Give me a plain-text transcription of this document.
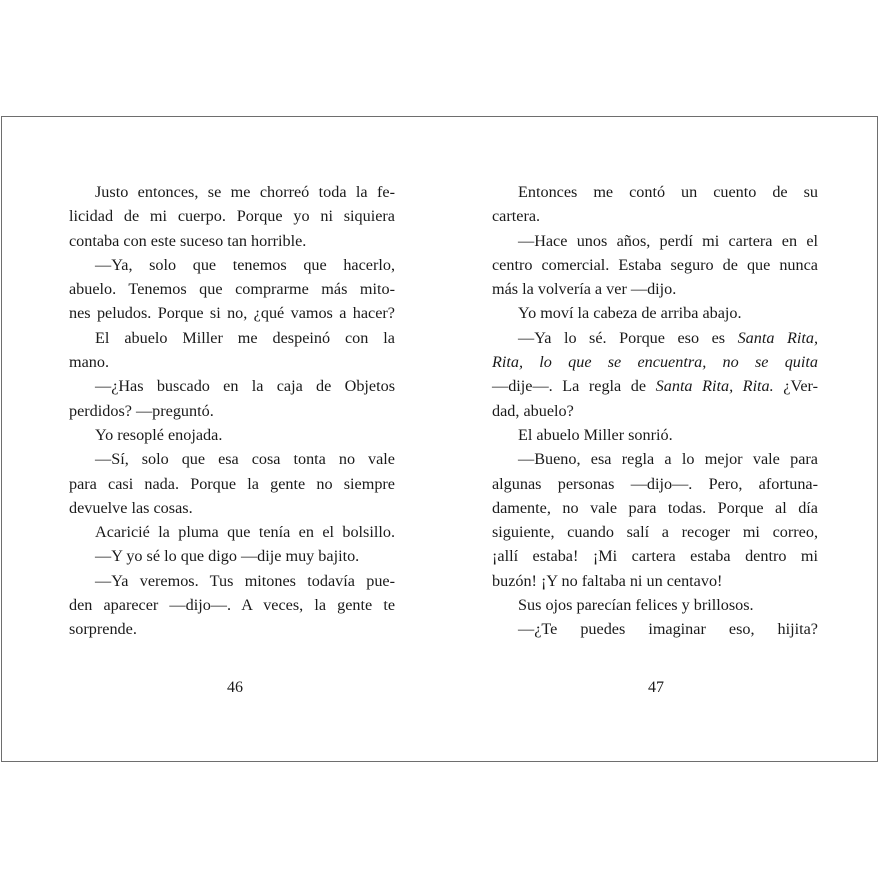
Justo entonces, se me chorreó toda la fe-
licidad de mi cuerpo. Porque yo ni siquiera
contaba con este suceso tan horrible.
—Ya, solo que tenemos que hacerlo,
abuelo. Tenemos que comprarme más mito-
nes peludos. Porque si no, ¿qué vamos a hacer?
El abuelo Miller me despeinó con la
mano.
—¿Has buscado en la caja de Objetos
perdidos? —preguntó.
Yo resoplé enojada.
—Sí, solo que esa cosa tonta no vale
para casi nada. Porque la gente no siempre
devuelve las cosas.
Acaricié la pluma que tenía en el bolsillo.
—Y yo sé lo que digo —dije muy bajito.
—Ya veremos. Tus mitones todavía pue-
den aparecer —dijo—. A veces, la gente te
sorprende.
Entonces me contó un cuento de su
cartera.
—Hace unos años, perdí mi cartera en el
centro comercial. Estaba seguro de que nunca
más la volvería a ver —dijo.
Yo moví la cabeza de arriba abajo.
—Ya lo sé. Porque eso es Santa Rita,
Rita, lo que se encuentra, no se quita
—dije—. La regla de Santa Rita, Rita. ¿Ver-
dad, abuelo?
El abuelo Miller sonrió.
—Bueno, esa regla a lo mejor vale para
algunas personas —dijo—. Pero, afortuna-
damente, no vale para todas. Porque al día
siguiente, cuando salí a recoger mi correo,
¡allí estaba! ¡Mi cartera estaba dentro mi
buzón! ¡Y no faltaba ni un centavo!
Sus ojos parecían felices y brillosos.
—¿Te puedes imaginar eso, hijita?
46	47
